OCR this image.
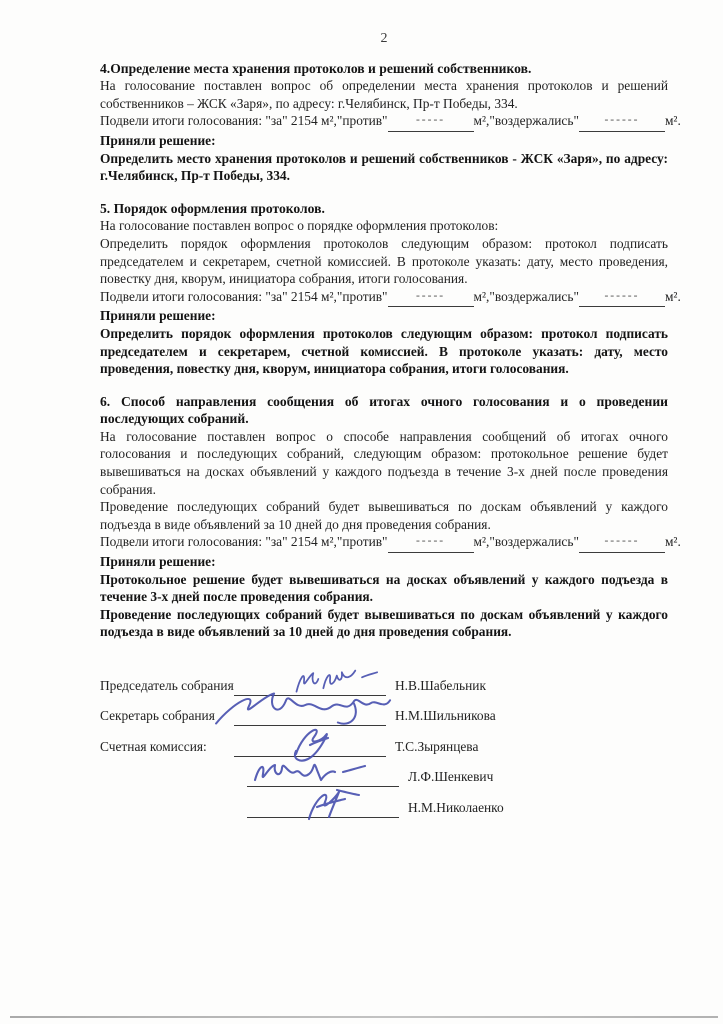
2
4.Определение места хранения протоколов и решений собственников.

На голосование поставлен вопрос об определении места хранения протоколов и решений собственников – ЖСК «Заря», по адресу: г.Челябинск, Пр-т Победы, 334.

Подвели итоги голосования: "за" 2154 м², "против"	-----	м², "воздержались"	------	м².

Приняли решение:

Определить место хранения протоколов и решений собственников - ЖСК «Заря», по адресу: г.Челябинск, Пр-т Победы, 334.

5. Порядок оформления протоколов.

На голосование поставлен вопрос о порядке оформления протоколов:

Определить порядок оформления протоколов следующим образом: протокол подписать председателем и секретарем, счетной комиссией. В протоколе указать: дату, место проведения, повестку дня, кворум, инициатора собрания, итоги голосования.

Подвели итоги голосования: "за" 2154 м², "против"	-----	м², "воздержались"	------	м².

Приняли решение:

Определить порядок оформления протоколов следующим образом: протокол подписать председателем и секретарем, счетной комиссией. В протоколе указать: дату, место проведения, повестку дня, кворум, инициатора собрания, итоги голосования.

6. Способ направления сообщения об итогах очного голосования и о проведении последующих собраний.

На голосование поставлен вопрос о способе направления сообщений об итогах очного голосования и последующих собраний, следующим образом: протокольное решение будет вывешиваться на досках объявлений у каждого подъезда в течение 3-х дней после проведения собрания.

Проведение последующих собраний будет вывешиваться по доскам объявлений у каждого подъезда в виде объявлений за 10 дней до дня проведения собрания.

Подвели итоги голосования: "за" 2154 м², "против"	-----	м², "воздержались"	------	м².

Приняли решение:

Протокольное решение будет вывешиваться на досках объявлений у каждого подъезда в течение 3-х дней после проведения собрания.

Проведение последующих собраний будет вывешиваться по доскам объявлений у каждого подъезда в виде объявлений за 10 дней до дня проведения собрания.

Председатель собрания	Н.В.Шабельник
Секретарь собрания	Н.М.Шильникова
Счетная комиссия:	Т.С.Зырянцева
Л.Ф.Шенкевич
Н.М.Николаенко
